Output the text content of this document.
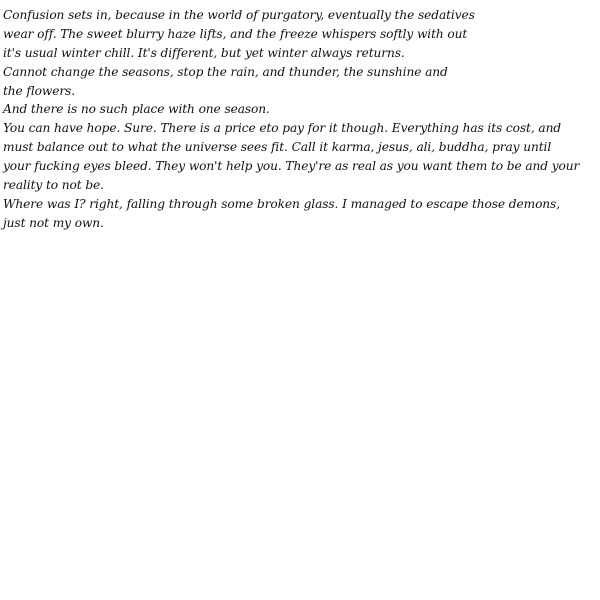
Confusion sets in, because in the world of purgatory, eventually the sedatives
wear off. The sweet blurry haze lifts, and the freeze whispers softly with out
it's usual winter chill. It's different, but yet winter always returns.
Cannot change the seasons, stop the rain, and thunder, the sunshine and
the flowers.
And there is no such place with one season.
You can have hope. Sure. There is a price eto pay for it though. Everything has its cost, and
must balance out to what the universe sees fit. Call it karma, jesus, ali, buddha, pray until
your fucking eyes bleed. They won't help you. They're as real as you want them to be and your
reality to not be.
Where was I? right, falling through some broken glass. I managed to escape those demons,
just not my own.
